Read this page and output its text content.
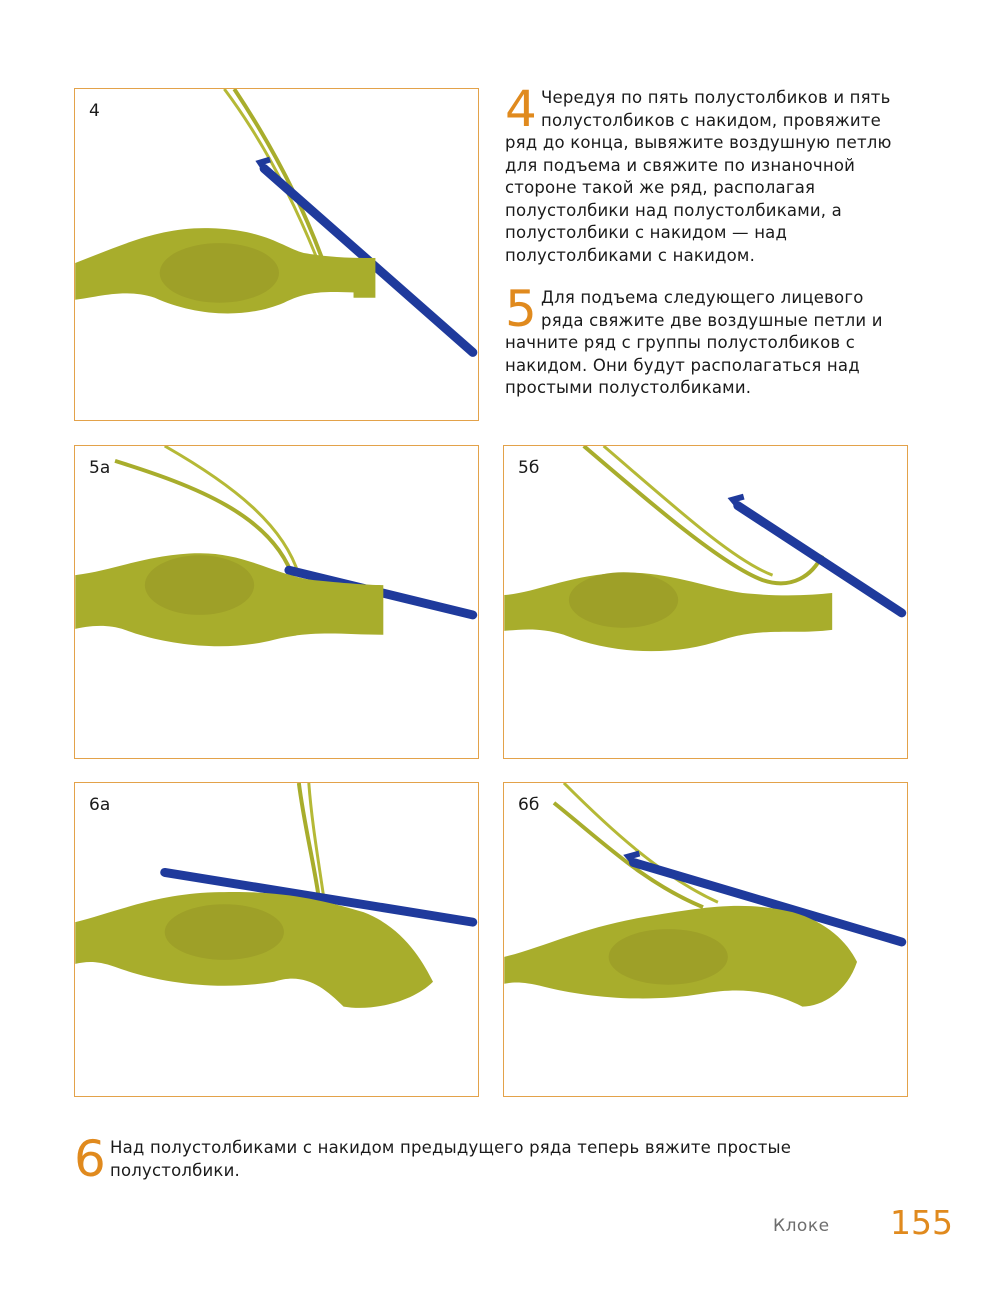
4	4 Чередуя по пять полустолбиков и пять полустолбиков с накидом, провяжите ряд до конца, вывяжите воздушную петлю для подъема и свяжите по изнаночной стороне такой же ряд, располагая полустолбики над полустолбиками, а полустолбики с накидом — над полустолбиками с накидом.
5 Для подъема следующего лицевого ряда свяжите две воздушные петли и начните ряд с группы полустолбиков с накидом. Они будут располагаться над простыми полустолбиками.
5а	5б
6а	6б
6 Над полустолбиками с накидом предыдущего ряда теперь вяжите простые полустолбики.
Клоке 155
